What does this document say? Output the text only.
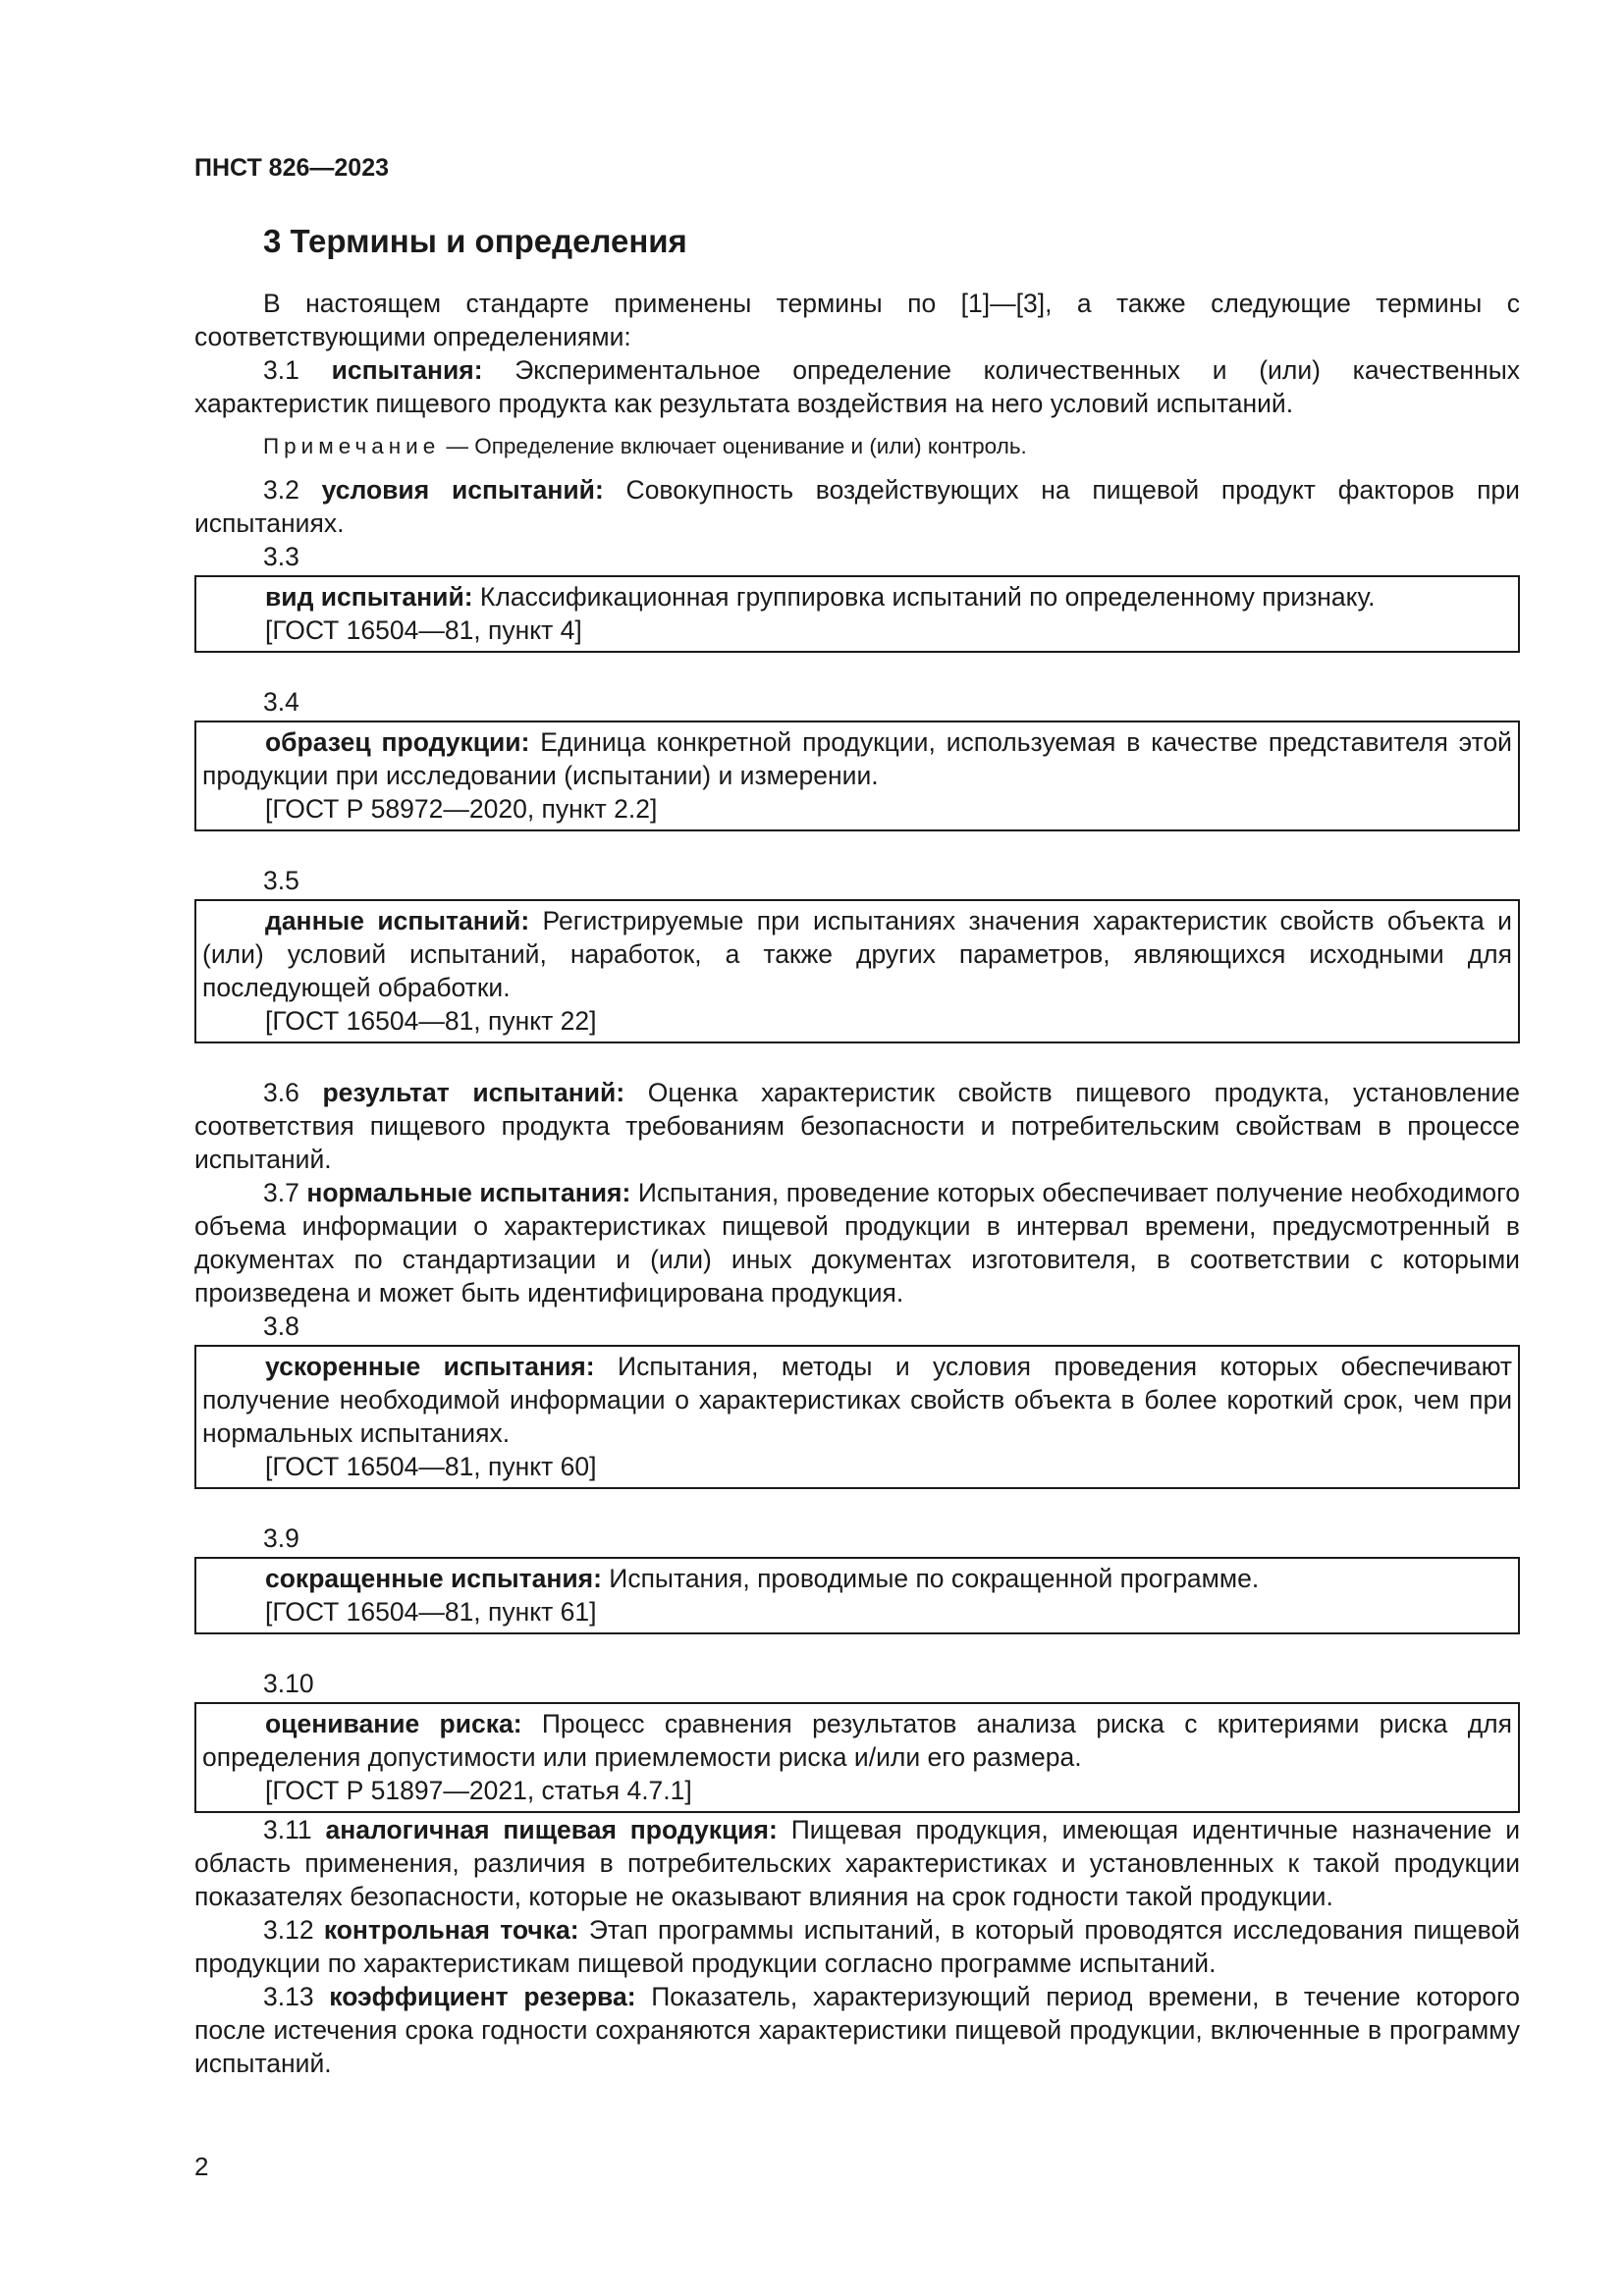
ПНСТ 826—2023
3 Термины и определения

В настоящем стандарте применены термины по [1]—[3], а также следующие термины с соответствующими определениями:

3.1 испытания: Экспериментальное определение количественных и (или) качественных характеристик пищевого продукта как результата воздействия на него условий испытаний.

Примечание — Определение включает оценивание и (или) контроль.

3.2 условия испытаний: Совокупность воздействующих на пищевой продукт факторов при испытаниях.

3.3

вид испытаний: Классификационная группировка испытаний по определенному признаку.

[ГОСТ 16504—81, пункт 4]

3.4

образец продукции: Единица конкретной продукции, используемая в качестве представителя этой продукции при исследовании (испытании) и измерении.

[ГОСТ Р 58972—2020, пункт 2.2]

3.5

данные испытаний: Регистрируемые при испытаниях значения характеристик свойств объекта и (или) условий испытаний, наработок, а также других параметров, являющихся исходными для последующей обработки.

[ГОСТ 16504—81, пункт 22]

3.6 результат испытаний: Оценка характеристик свойств пищевого продукта, установление соответствия пищевого продукта требованиям безопасности и потребительским свойствам в процессе испытаний.

3.7 нормальные испытания: Испытания, проведение которых обеспечивает получение необходимого объема информации о характеристиках пищевой продукции в интервал времени, предусмотренный в документах по стандартизации и (или) иных документах изготовителя, в соответствии с которыми произведена и может быть идентифицирована продукция.

3.8

ускоренные испытания: Испытания, методы и условия проведения которых обеспечивают получение необходимой информации о характеристиках свойств объекта в более короткий срок, чем при нормальных испытаниях.

[ГОСТ 16504—81, пункт 60]

3.9

сокращенные испытания: Испытания, проводимые по сокращенной программе.

[ГОСТ 16504—81, пункт 61]

3.10

оценивание риска: Процесс сравнения результатов анализа риска с критериями риска для определения допустимости или приемлемости риска и/или его размера.

[ГОСТ Р 51897—2021, статья 4.7.1]

3.11 аналогичная пищевая продукция: Пищевая продукция, имеющая идентичные назначение и область применения, различия в потребительских характеристиках и установленных к такой продукции показателях безопасности, которые не оказывают влияния на срок годности такой продукции.

3.12 контрольная точка: Этап программы испытаний, в который проводятся исследования пищевой продукции по характеристикам пищевой продукции согласно программе испытаний.

3.13 коэффициент резерва: Показатель, характеризующий период времени, в течение которого после истечения срока годности сохраняются характеристики пищевой продукции, включенные в программу испытаний.

2
